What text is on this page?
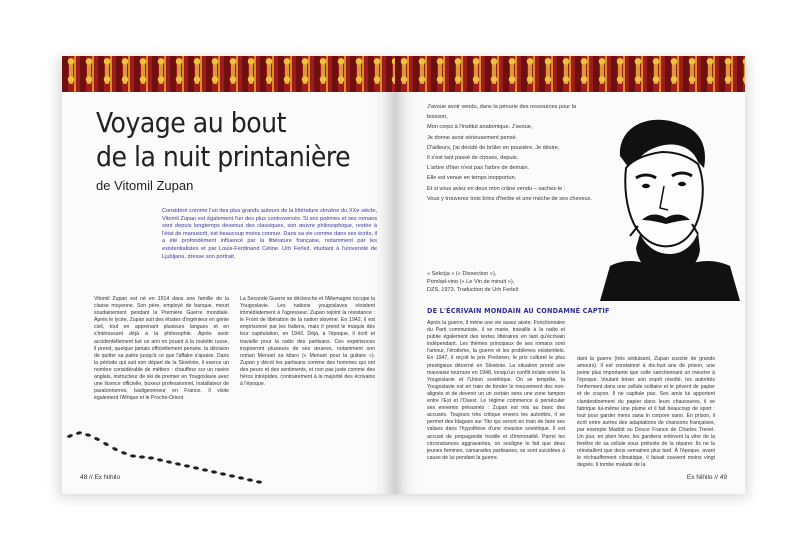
Voyage au bout
de la nuit printanière
de Vitomil Zupan
Considéré comme l'un des plus grands auteurs de la littérature slovène du XXe siècle, Vitomil Zupan est également l'un des plus controversés. Si ses poèmes et ses romans sont depuis longtemps devenus des classiques, son œuvre philosophique, restée à l'état de manuscrit, est beaucoup moins connue. Dans sa vie comme dans ses écrits, il a été profondément influencé par la littérature française, notamment par les existentialistes et par Louis-Ferdinand Céline. Urh Ferlež, étudiant à l'université de Ljubljana, dresse son portrait.
Vitomil Zupan est né en 1914 dans une famille de la classe moyenne. Son père, employé de banque, meurt soudainement pendant la Première Guerre mondiale. Après le lycée, Zupan suit des études d'ingénieur en génie civil, tout en apprenant plusieurs langues et en s'intéressant déjà à la philosophie. Après avoir accidentellement tué un ami en jouant à la roulette russe, il prend, quelque jamais officiellement pensée, la décision de quitter sa patrie jusqu'à ce que l'affaire s'apaise. Dans la période qui suit son départ de la Slovénie, il exerce un nombre considérable de métiers : chauffeur sur un navire anglais, instructeur de ski de premier en Yougoslavie avec une licence officielle, boxeur professionnel, installateur de paratonnerres, badigeonneur en France. Il visite également l'Afrique et le Proche-Orient.
La Seconde Guerre se déclenche et l'Allemagne occupe la Yougoslavie. Les nations yougoslaves résistent immédiatement à l'agresseur. Zupan rejoint la résistance : le Front de libération de la nation slovène. En 1942, il est emprisonné par les Italiens, mais il prend le maquis dès leur capitulation, en 1943. Déjà, à l'époque, il écrit et travaille pour la radio des partisans. Ces expériences inspireront plusieurs de ses œuvres, notamment son roman Menuet za kitaro (« Menuet pour la guitare »). Zupan y décrit les partisans comme des hommes qui ont des peurs et des sentiments, et non pas juste comme des héros intrépides, contrairement à la majorité des écrivains à l'époque.
48 // Ex Nihilo
J'avoue avoir vendu, dans la pénurie des ressources pour la boisson,
Mon corps à l'institut anatomique. J'avoue,
Je donne avoir sérieusement pensé.
D'ailleurs, j'ai décidé de brûler en pousière. Je désire,
Il s'est tant passé de choses, depuis.
L'arbre d'hier n'est pas l'arbre de demain.
Elle est venue en temps inopportun.
Et si vous aviez en deux mon crâne vendu – sachez-le :
Vous y trouverez trois brins d'herbe et une mèche de ses cheveux.
« Sekcija » (« Dissection »),
Pomlad-vino (« Le Vin de minuit »),
DZS, 1973. Traduction de Urh Ferlež
DE L'ÉCRIVAIN MONDAIN AU CONDAMNÉ CAPTIF
Après la guerre, il mène une vie assez aisée. Fonctionnaire du Parti communiste, il se marie, travaille à la radio et publie également des textes littéraires en tant qu'écrivain indépendant. Les thèmes principaux de ses romans sont l'amour, l'érotisme, la guerre et les problèmes existentiels. En 1947, il reçoit le prix Prešeren, le prix culturel le plus prestigieux décerné en Slovénie. La situation prend une mauvaise tournure en 1948, lorsqu'un conflit éclate entre la Yougoslavie et l'Union soviétique. On se tempête, la Yougoslavie est en train de fonder le mouvement des non-alignés et de devenir un un certain sens une zone tampon entre l'Est et l'Ouest. Le régime commence à persécuter ses ennemis présumés : Zupan est mis au banc des accusés. Toujours très critique envers les autorités, il se permet des blagues sur Tito qui seront en train de faire ses valises dans l'hypothèse d'une invasion soviétique. Il est accusé de propagande hostile et d'immoralité. Parmi les circonstances aggravantes, on souligne le fait que deux jeunes femmes, camarades partisanes, se sont suicidées à cause de lui pendant la guerre.
dant la guerre (très séduisant, Zupan suscite de grands amours). Il est condamné à dix-huit ans de prison, une peine plus importante que celle sanctionnant un meurtre à l'époque. Voulant briser son esprit révolté, les autorités l'enferment dans une cellule solitaire et le privent de papier et de crayon. Il ne capitule pas. Ses amis lui apportent clandestinement du papier dans leurs chaussures, il se fabrique lui-même une plume et il fait beaucoup de sport : tout pour garder mens sana in corpore sano. En prison, il écrit entre autres des adaptations de chansons françaises, par exemple Madrid ou Douce France de Charles Trenet. Un jour, en plein hiver, les gardiens enlèvent la vitre de la fenêtre de sa cellule sous prétexte de la réparer. Ils ne la réinstallent que deux semaines plus tard. À l'époque, avant le réchauffement climatique, il faisait souvent moins vingt degrés. Il tombe malade de la
Ex Nihilo // 49
